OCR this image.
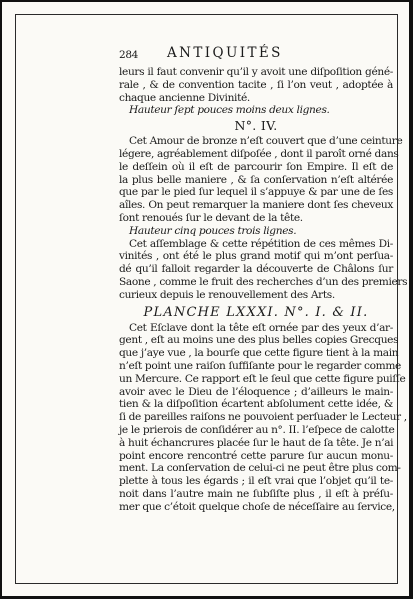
284 ANTIQUITÉS
leurs il faut convenir qu’il y avoit une diſpoſition géné-
rale , & de convention tacite , ſi l’on veut , adoptée à
chaque ancienne Divinité.
Hauteur ſept pouces moins deux lignes.
N°. IV.
Cet Amour de bronze n’eſt couvert que d’une ceinture
légere, agréablement diſpoſée , dont il paroît orné dans
le deſſein où il eſt de parcourir ſon Empire. Il eſt de
la plus belle maniere , & ſa conſervation n’eſt altérée
que par le pied ſur lequel il s’appuye & par une de ſes
aîles. On peut remarquer la maniere dont ſes cheveux
ſont renoués ſur le devant de la tête.
Hauteur cinq pouces trois lignes.
Cet aſſemblage & cette répétition de ces mêmes Di-
vinités , ont été le plus grand motif qui m’ont perſua-
dé qu’il falloit regarder la découverte de Châlons ſur
Saone , comme le fruit des recherches d’un des premiers
curieux depuis le renouvellement des Arts.
PLANCHE LXXXI. N°. I. & II.
Cet Eſclave dont la tête eſt ornée par des yeux d’ar-
gent , eſt au moins une des plus belles copies Grecques
que j’aye vue , la bourſe que cette figure tient à la main
n’eſt point une raiſon ſuffiſante pour le regarder comme
un Mercure. Ce rapport eſt le ſeul que cette figure puiſſe
avoir avec le Dieu de l’éloquence ; d’ailleurs le main-
tien & la diſpoſition écartent abſolument cette idée, &
ſi de pareilles raiſons ne pouvoient perſuader le Lecteur ,
je le prierois de conſidérer au n°. II. l’eſpece de calotte
à huit échancrures placée ſur le haut de ſa tête. Je n’ai
point encore rencontré cette parure ſur aucun monu-
ment. La conſervation de celui-ci ne peut être plus com-
plette à tous les égards ; il eſt vrai que l’objet qu’il te-
noit dans l’autre main ne ſubſiſte plus , il eſt à préſu-
mer que c’étoit quelque choſe de néceſſaire au ſervice,
